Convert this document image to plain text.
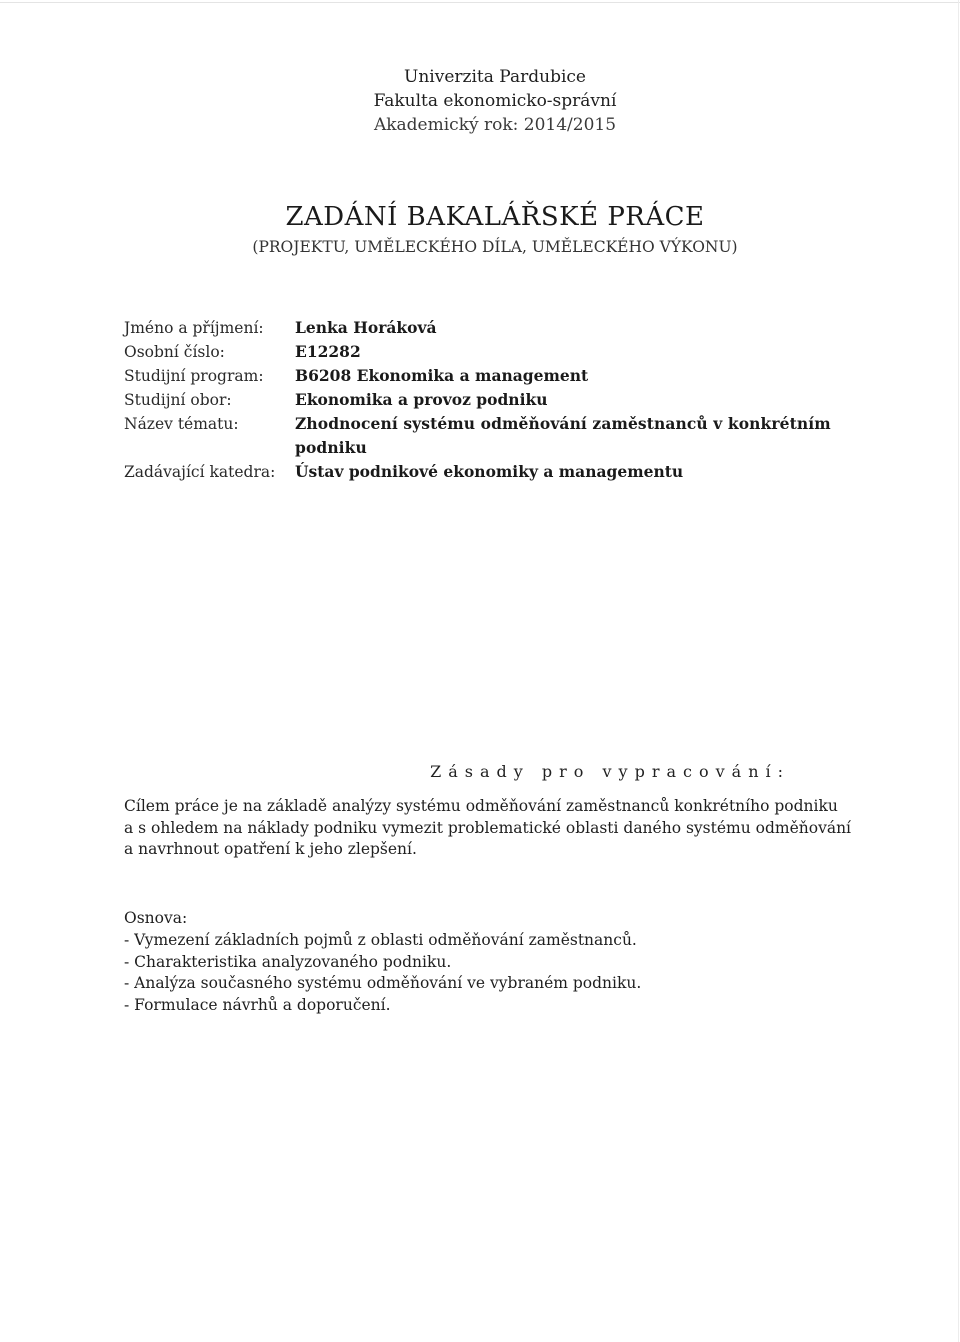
Univerzita Pardubice
Fakulta ekonomicko-správní
Akademický rok: 2014/2015
ZADÁNÍ BAKALÁŘSKÉ PRÁCE
(PROJEKTU, UMĚLECKÉHO DÍLA, UMĚLECKÉHO VÝKONU)
Jméno a příjmení:	Lenka Horáková
Osobní číslo:	E12282
Studijní program:	B6208 Ekonomika a management
Studijní obor:	Ekonomika a provoz podniku
Název tématu:	Zhodnocení systému odměňování zaměstnanců v konkrétním
podniku
Zadávající katedra:	Ústav podnikové ekonomiky a managementu
Zásady pro vypracování:
Cílem práce je na základě analýzy systému odměňování zaměstnanců konkrétního podniku
a s ohledem na náklady podniku vymezit problematické oblasti daného systému odměňování
a navrhnout opatření k jeho zlepšení.
Osnova:
- Vymezení základních pojmů z oblasti odměňování zaměstnanců.
- Charakteristika analyzovaného podniku.
- Analýza současného systému odměňování ve vybraném podniku.
- Formulace návrhů a doporučení.
